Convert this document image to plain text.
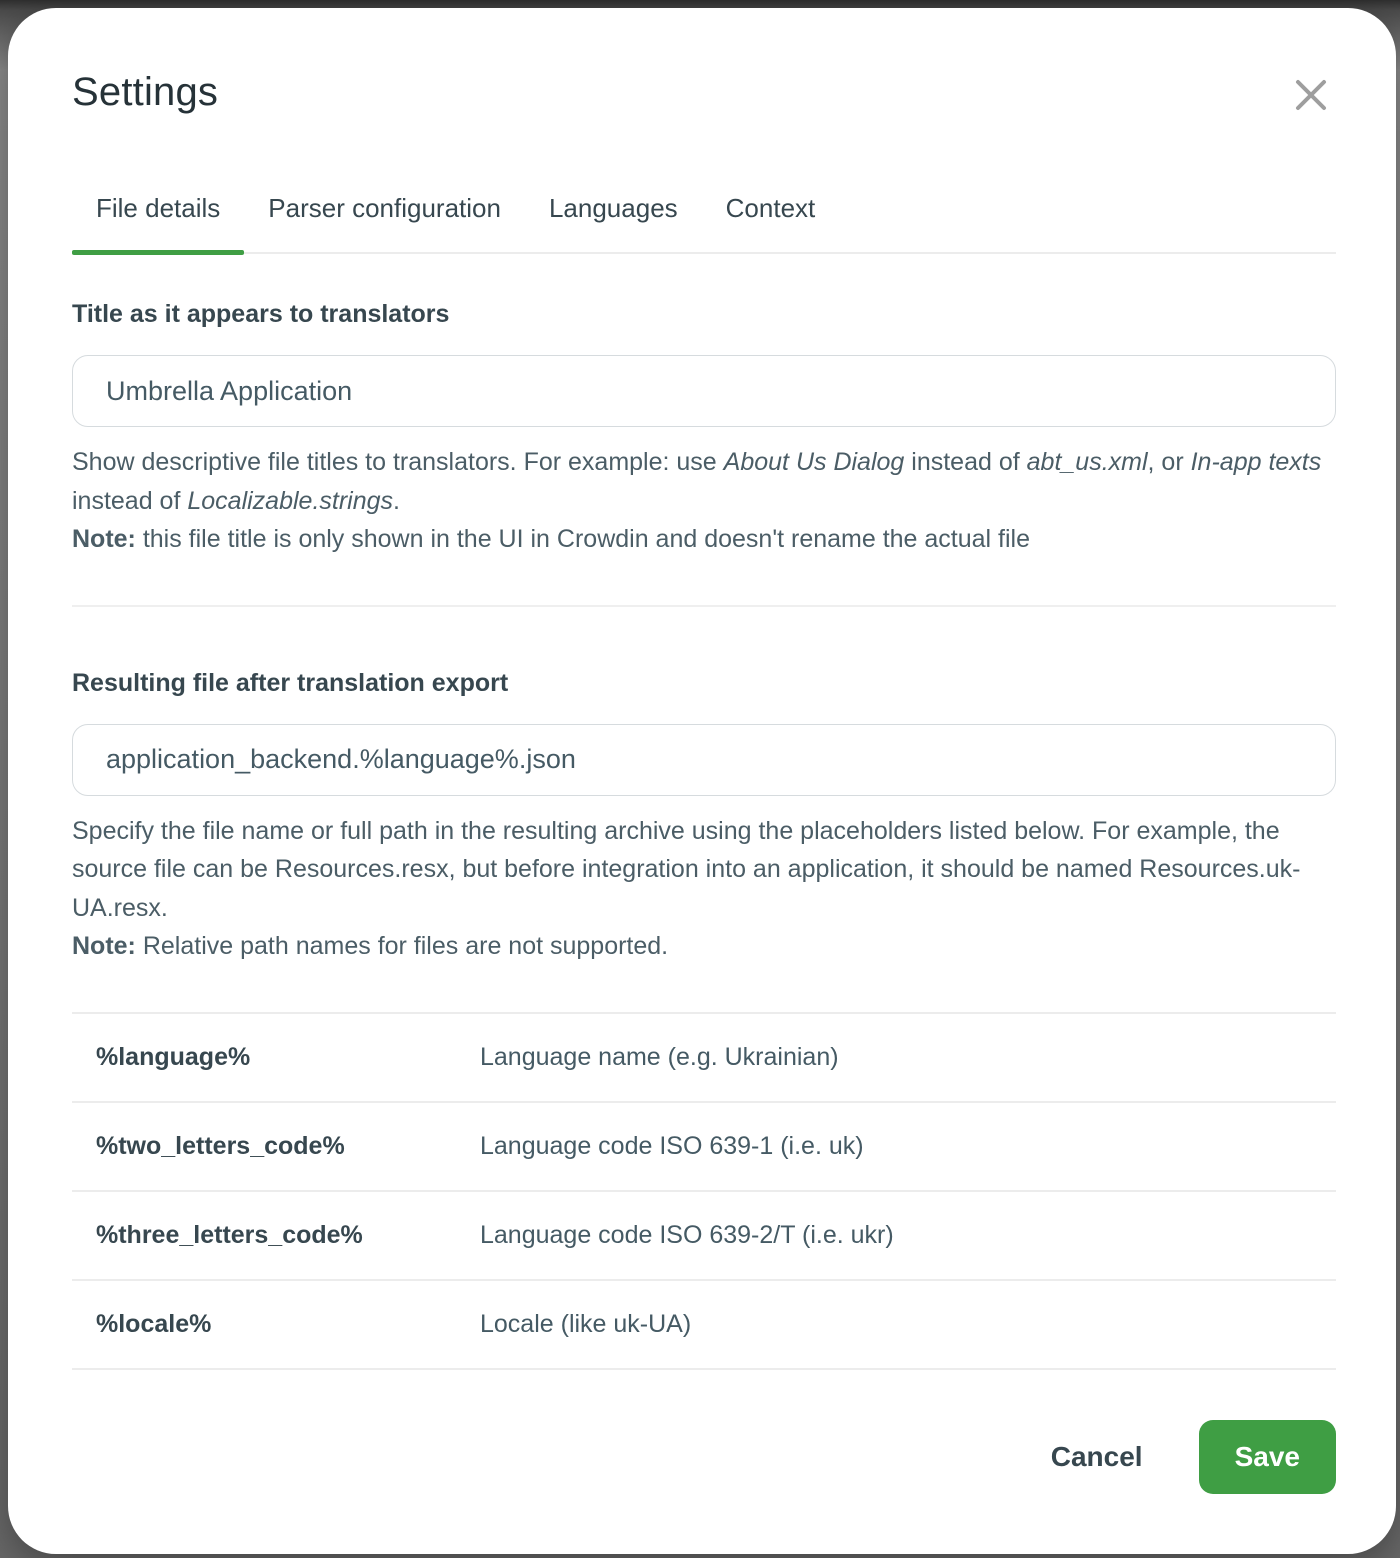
Settings
File details	Parser configuration	Languages	Context
Title as it appears to translators
Umbrella Application
Show descriptive file titles to translators. For example: use About Us Dialog instead of abt_us.xml, or In-app texts instead of Localizable.strings.
Note: this file title is only shown in the UI in Crowdin and doesn't rename the actual file
Resulting file after translation export
application_backend.%language%.json
Specify the file name or full path in the resulting archive using the placeholders listed below. For example, the source file can be Resources.resx, but before integration into an application, it should be named Resources.uk-UA.resx.
Note: Relative path names for files are not supported.
%language%	Language name (e.g. Ukrainian)
%two_letters_code%	Language code ISO 639-1 (i.e. uk)
%three_letters_code%	Language code ISO 639-2/T (i.e. ukr)
%locale%	Locale (like uk-UA)
Cancel	Save
